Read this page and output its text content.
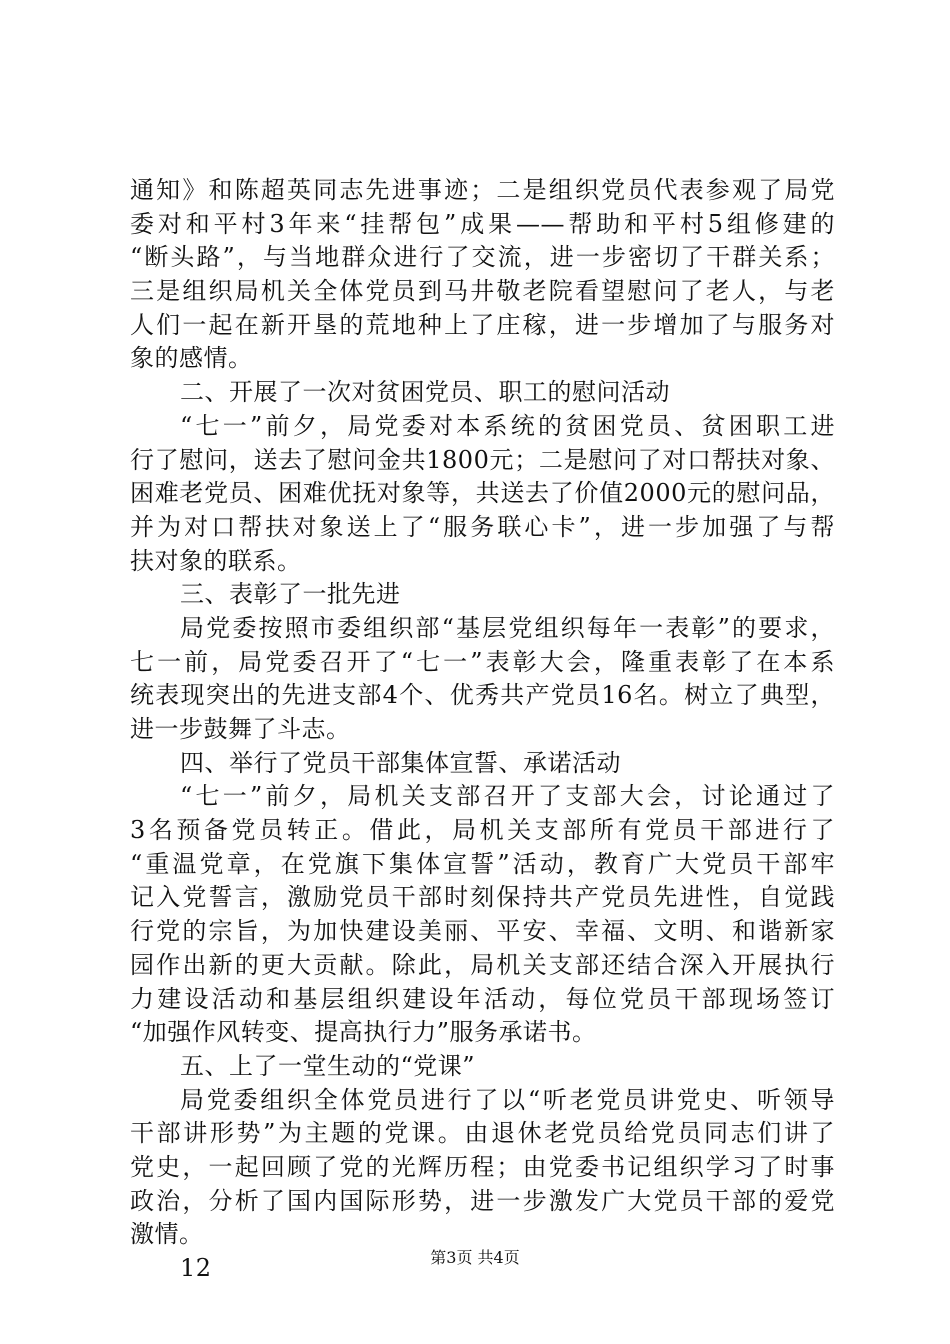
通知》和陈超英同志先进事迹；二是组织党员代表参观了局党
委对和平村3年来“挂帮包”成果——帮助和平村5组修建的
“断头路”，与当地群众进行了交流，进一步密切了干群关系；
三是组织局机关全体党员到马井敬老院看望慰问了老人，与老
人们一起在新开垦的荒地种上了庄稼，进一步增加了与服务对
象的感情。
二、开展了一次对贫困党员、职工的慰问活动
“七一”前夕，局党委对本系统的贫困党员、贫困职工进
行了慰问，送去了慰问金共1800元；二是慰问了对口帮扶对象、
困难老党员、困难优抚对象等，共送去了价值2000元的慰问品，
并为对口帮扶对象送上了“服务联心卡”，进一步加强了与帮
扶对象的联系。
三、表彰了一批先进
局党委按照市委组织部“基层党组织每年一表彰”的要求，
七一前，局党委召开了“七一”表彰大会，隆重表彰了在本系
统表现突出的先进支部4个、优秀共产党员16名。树立了典型，
进一步鼓舞了斗志。
四、举行了党员干部集体宣誓、承诺活动
“七一”前夕，局机关支部召开了支部大会，讨论通过了
3名预备党员转正。借此，局机关支部所有党员干部进行了
“重温党章，在党旗下集体宣誓”活动，教育广大党员干部牢
记入党誓言，激励党员干部时刻保持共产党员先进性，自觉践
行党的宗旨，为加快建设美丽、平安、幸福、文明、和谐新家
园作出新的更大贡献。除此，局机关支部还结合深入开展执行
力建设活动和基层组织建设年活动，每位党员干部现场签订
“加强作风转变、提高执行力”服务承诺书。
五、上了一堂生动的“党课”
局党委组织全体党员进行了以“听老党员讲党史、听领导
干部讲形势”为主题的党课。由退休老党员给党员同志们讲了
党史，一起回顾了党的光辉历程；由党委书记组织学习了时事
政治，分析了国内国际形势，进一步激发广大党员干部的爱党
激情。
12	第3页 共4页
